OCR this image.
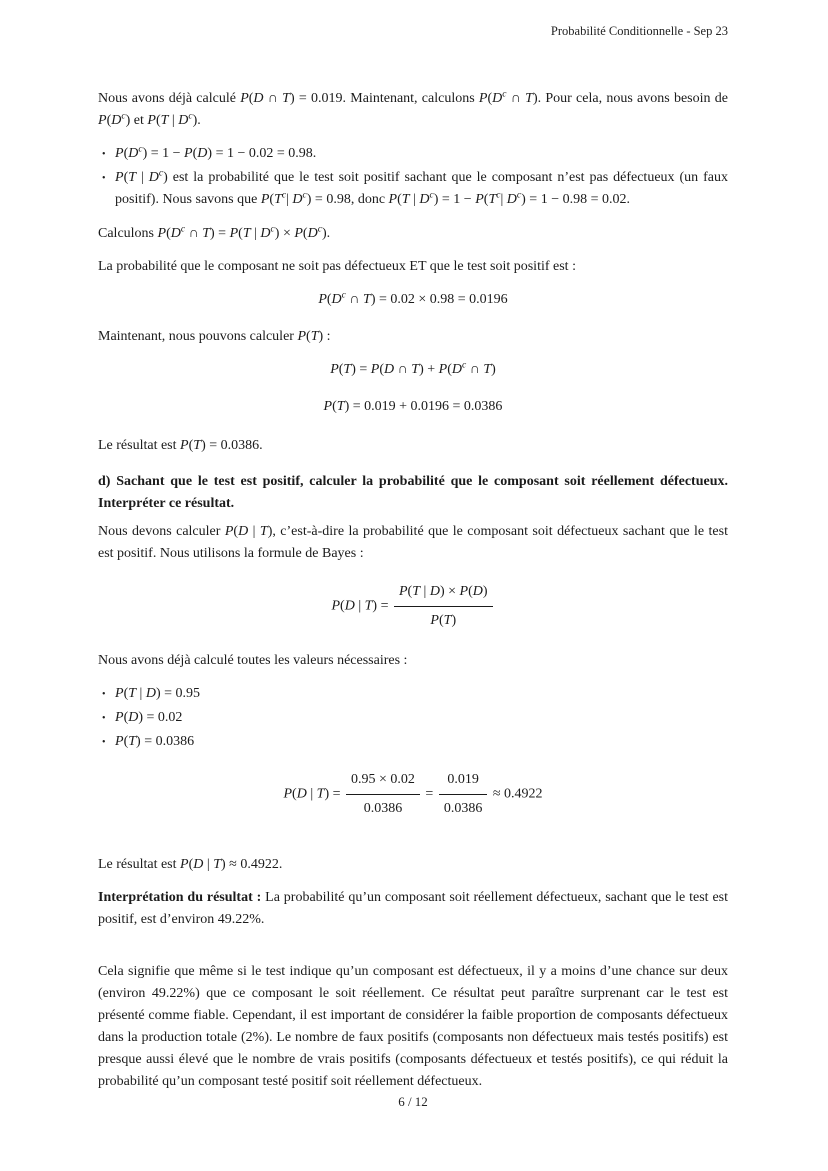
Probabilité Conditionnelle - Sep 23

Nous avons déjà calculé P(D ∩ T) = 0.019. Maintenant, calculons $P(D^c$ ∩ T). Pour cela, nous avons besoin de $P(D^c)$ et P(T | $D^c$).

• $P(D^c) = 1 - P(D) = 1 - 0.02 = 0.98$.
• P(T | $D^c$) est la probabilité que le test soit positif sachant que le composant n’est pas défectueux (un faux positif). Nous savons que $P(T^c|$ $D^c) = 0.98$, donc P(T | $D^c) = 1 - P(T^c|$ $D^c) = 1 - 0.98 = 0.02$.

Calculons $P(D^c$ ∩ T) = P(T | $D^c) \times P(D^c)$.

La probabilité que le composant ne soit pas défectueux ET que le test soit positif est :

$P(D^c$ ∩ T) = 0.02 × 0.98 = 0.0196

Maintenant, nous pouvons calculer P(T) :

P(T) = P(D ∩ $T) + P(D^c$ ∩ T)
P(T) = 0.019 + 0.0196 = 0.0386

Le résultat est P(T) = 0.0386.

d) Sachant que le test est positif, calculer la probabilité que le composant soit réellement défectueux. Interpréter ce résultat.

Nous devons calculer P(D | T), c’est-à-dire la probabilité que le composant soit défectueux sachant que le test est positif. Nous utilisons la formule de Bayes :

P(D | $T) = \frac{P(T | D) \times P(D)}{P(T)}$

Nous avons déjà calculé toutes les valeurs nécessaires :

• P(T | D) = 0.95
• P(D) = 0.02
• P(T) = 0.0386
P(D | $T) = \frac{0.95 \times 0.02}{0.0386} = \frac{0.019}{0.0386} \approx 0.4922$

Le résultat est P(D | T) ≈ 0.4922.

Interprétation du résultat : La probabilité qu’un composant soit réellement défectueux, sachant que le test est positif, est d’environ 49.22%.

Cela signifie que même si le test indique qu’un composant est défectueux, il y a moins d’une chance sur deux (environ 49.22%) que ce composant le soit réellement. Ce résultat peut paraître surprenant car le test est présenté comme fiable. Cependant, il est important de considérer la faible proportion de composants défectueux dans la production totale (2%). Le nombre de faux positifs (composants non défectueux mais testés positifs) est presque aussi élevé que le nombre de vrais positifs (composants défectueux et testés positifs), ce qui réduit la probabilité qu’un composant testé positif soit réellement défectueux.

6 / 12
